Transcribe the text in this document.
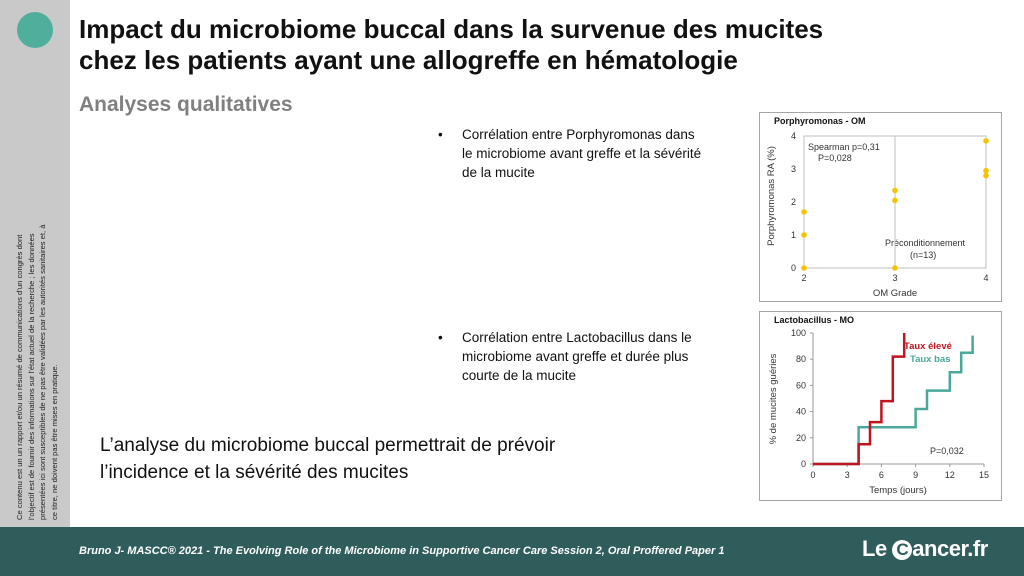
Ce contenu est un un rapport et/ou un résumé de communications d’un congrès dont l’objectif est de fournir des informations sur l’état actuel de la recherche ; les données présentées ici sont susceptibles de ne pas être validées par les autorités sanitaires et, à ce titre, ne doivent pas être mises en pratique.
Impact du microbiome buccal dans la survenue des mucites
chez les patients ayant une allogreffe en hématologie
Analyses qualitatives
• Corrélation entre Porphyromonas dans
le microbiome avant greffe et la sévérité
de la mucite
• Corrélation entre Lactobacillus dans le
microbiome avant greffe et durée plus
courte de la mucite
L’analyse du microbiome buccal permettrait de prévoir
l’incidence et la sévérité des mucites
Porphyromonas - OM
Spearman p=0,31
P=0,028
Préconditionnement
(n=13)
OM Grade
Porphyromonas RA (%)
0
1
2
3
4
2	3	4
Lactobacillus - MO
Taux élevé
Taux bas
P=0,032
Temps (jours)
% de mucites guéries
0
20
40
60
80
100
0	3	6	9	12	15
Bruno J- MASCC® 2021 - The Evolving Role of the Microbiome in Supportive Cancer Care Session 2, Oral Proffered Paper 1	Le C ancer.fr
